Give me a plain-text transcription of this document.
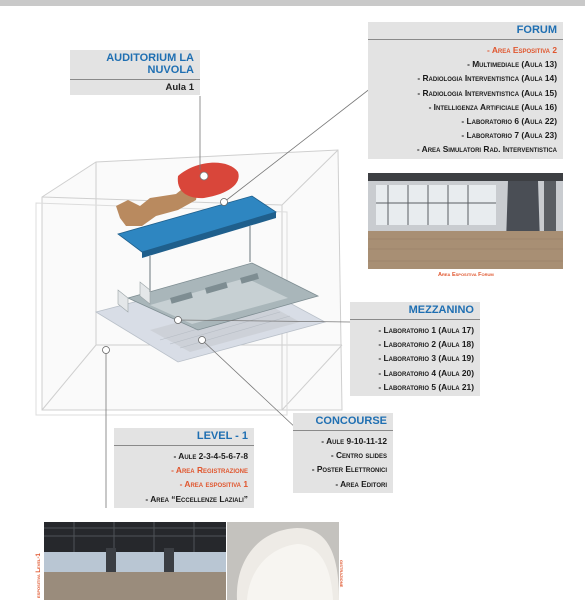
AUDITORIUM LA NUVOLA
Aula 1
FORUM
- Area Espositiva 2
- Multimediale (Aula 13)
- Radiologia Interventistica (Aula 14)
- Radiologia Interventistica (Aula 15)
- Intelligenza Artificiale (Aula 16)
- Laboratorio 6 (Aula 22)
- Laboratorio 7 (Aula 23)
- Area Simulatori Rad. Interventistica
Area Espositiva Forum
MEZZANINO
- Laboratorio 1 (Aula 17)
- Laboratorio 2 (Aula 18)
- Laboratorio 3 (Aula 19)
- Laboratorio 4 (Aula 20)
- Laboratorio 5 (Aula 21)
CONCOURSE
- Aule 9-10-11-12
- Centro slides
- Poster Elettronici
- Area Editori
LEVEL - 1
- Aule 2-3-4-5-6-7-8
- Area Registrazione
- Area espositiva 1
- Area “Eccellenze Laziali”
espositiva Level-1	gistrazione
